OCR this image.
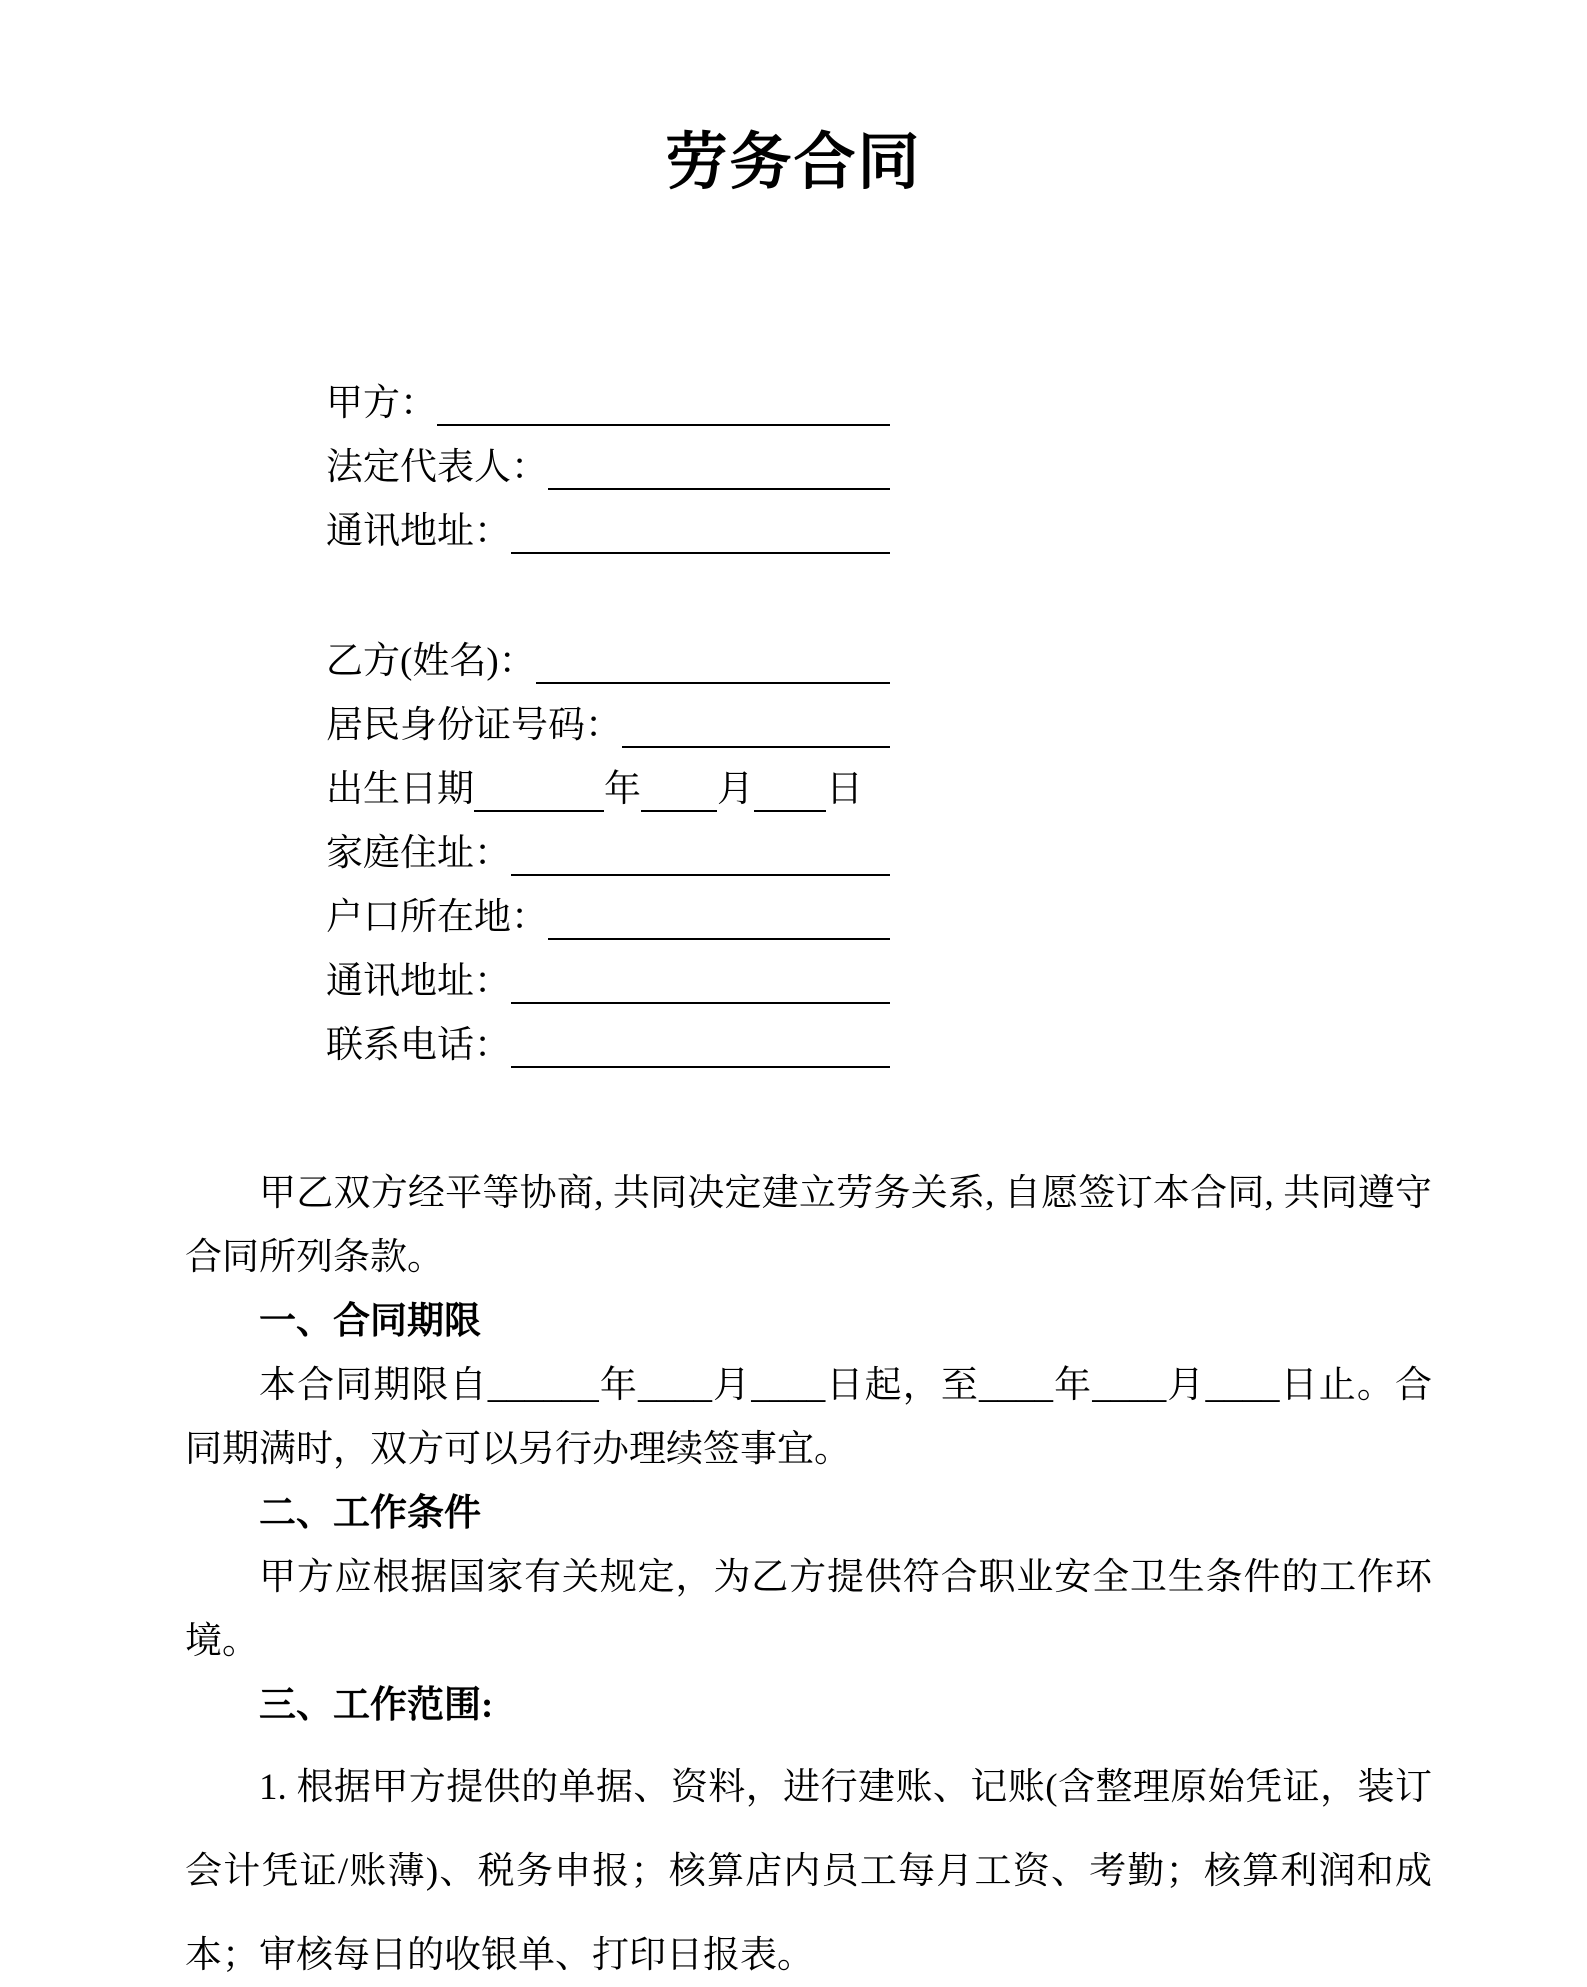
劳务合同
甲方：
法定代表人：
通讯地址：
乙方(姓名)：
居民身份证号码：
出生日期	年 月 日
家庭住址：
户口所在地：
通讯地址：
联系电话：

甲乙双方经平等协商, 共同决定建立劳务关系, 自愿签订本合同, 共同遵守合同所列条款。

一、合同期限

本合同期限自______年____月____日起，至____年____月____日止。合同期满时，双方可以另行办理续签事宜。

二、工作条件

甲方应根据国家有关规定，为乙方提供符合职业安全卫生条件的工作环境。

三、工作范围:

1. 根据甲方提供的单据、资料，进行建账、记账(含整理原始凭证，装订会计凭证/账薄)、税务申报；核算店内员工每月工资、考勤；核算利润和成本；审核每日的收银单、打印日报表。
